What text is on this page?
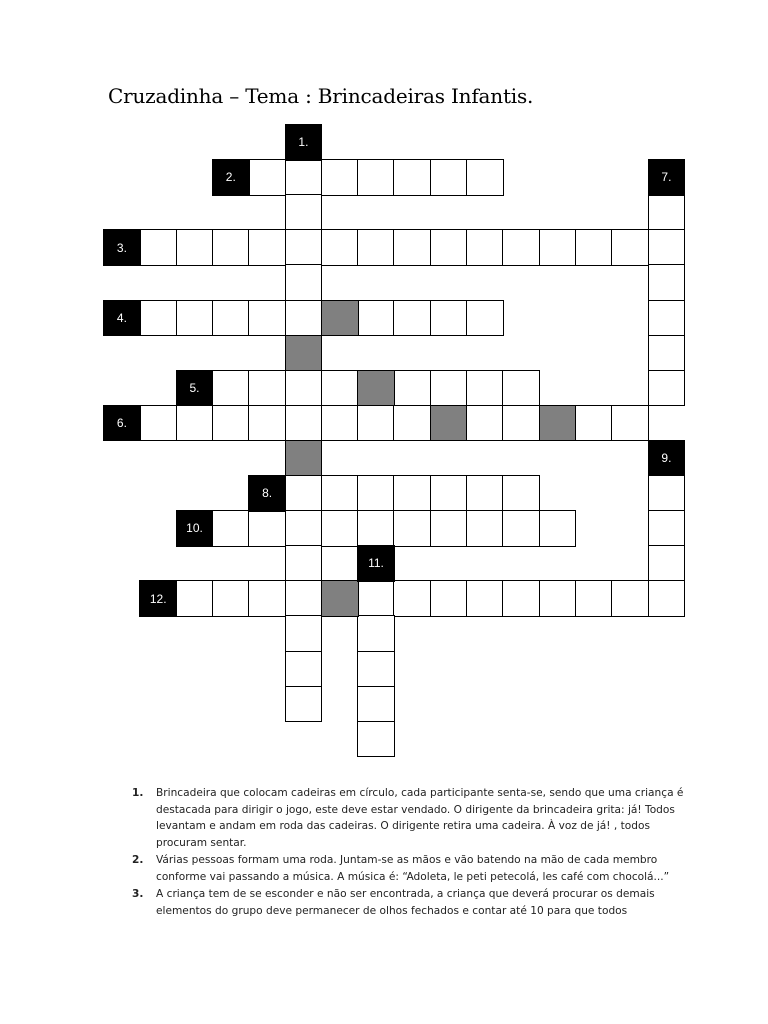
Cruzadinha – Tema : Brincadeiras Infantis.
1.
2.	7.
3.
4.
5.
6.
9.
8.
10.
11.
12.
1. Brincadeira que colocam cadeiras em círculo, cada participante senta-se, sendo que uma criança é destacada para dirigir o jogo, este deve estar vendado. O dirigente da brincadeira grita: já! Todos levantam e andam em roda das cadeiras. O dirigente retira uma cadeira. À voz de já! , todos procuram sentar.
2. Várias pessoas formam uma roda. Juntam-se as mãos e vão batendo na mão de cada membro conforme vai passando a música. A música é: “Adoleta, le peti petecolá, les café com chocolá...”
3. A criança tem de se esconder e não ser encontrada, a criança que deverá procurar os demais elementos do grupo deve permanecer de olhos fechados e contar até 10 para que todos
